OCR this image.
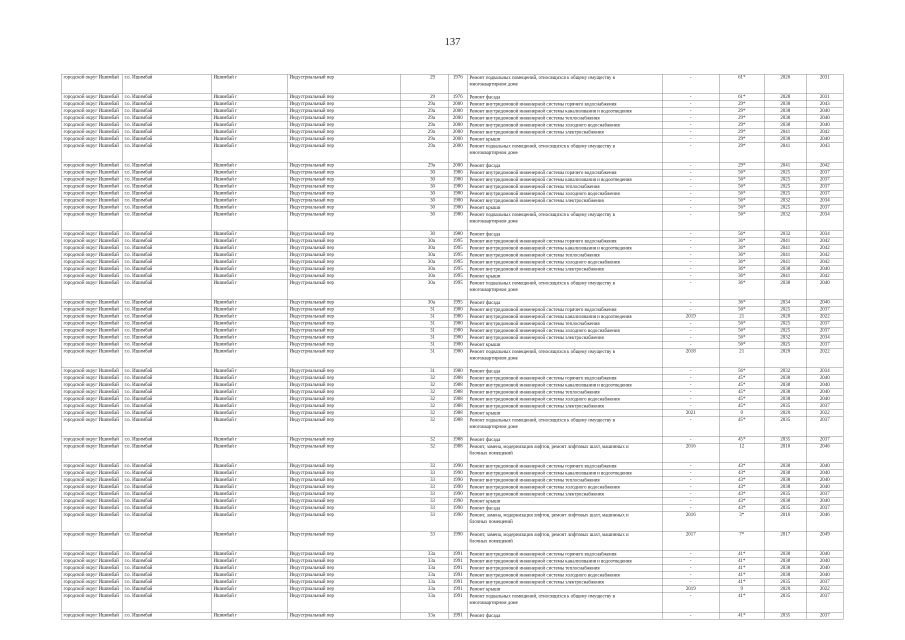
137
городской округ Ишимбай	г.о. Ишимбай	Ишимбай г	Индустриальный пер	29	1976	Ремонт подвальных помещений, относящихся к общему имуществу в многоквартирном доме	-	61*	2026	2031
городской округ Ишимбай	г.о. Ишимбай	Ишимбай г	Индустриальный пер	29	1976	Ремонт фасада	-	61*	2028	2031
городской округ Ишимбай	г.о. Ишимбай	Ишимбай г	Индустриальный пер	29а	2000	Ремонт внутридомовой инженерной системы горячего водоснабжения	-	29*	2038	2043
городской округ Ишимбай	г.о. Ишимбай	Ишимбай г	Индустриальный пер	29а	2000	Ремонт внутридомовой инженерной системы канализования и водоотведения	-	29*	2038	2040
городской округ Ишимбай	г.о. Ишимбай	Ишимбай г	Индустриальный пер	29а	2000	Ремонт внутридомовой инженерной системы теплоснабжения	-	29*	2038	2040
городской округ Ишимбай	г.о. Ишимбай	Ишимбай г	Индустриальный пер	29а	2000	Ремонт внутридомовой инженерной системы холодного водоснабжения	-	29*	2038	2040
городской округ Ишимбай	г.о. Ишимбай	Ишимбай г	Индустриальный пер	29а	2000	Ремонт внутридомовой инженерной системы электроснабжения	-	29*	2041	2042
городской округ Ишимбай	г.о. Ишимбай	Ишимбай г	Индустриальный пер	29а	2000	Ремонт крыши	-	29*	2038	2040
городской округ Ишимбай	г.о. Ишимбай	Ишимбай г	Индустриальный пер	29а	2000	Ремонт подвальных помещений, относящихся к общему имуществу в многоквартирном доме	-	29*	2041	2043
городской округ Ишимбай	г.о. Ишимбай	Ишимбай г	Индустриальный пер	29а	2000	Ремонт фасада	-	29*	2041	2042
городской округ Ишимбай	г.о. Ишимбай	Ишимбай г	Индустриальный пер	30	1980	Ремонт внутридомовой инженерной системы горячего водоснабжения	-	56*	2025	2037
городской округ Ишимбай	г.о. Ишимбай	Ишимбай г	Индустриальный пер	30	1980	Ремонт внутридомовой инженерной системы канализования и водоотведения	-	56*	2025	2037
городской округ Ишимбай	г.о. Ишимбай	Ишимбай г	Индустриальный пер	30	1980	Ремонт внутридомовой инженерной системы теплоснабжения	-	56*	2025	2037
городской округ Ишимбай	г.о. Ишимбай	Ишимбай г	Индустриальный пер	30	1980	Ремонт внутридомовой инженерной системы холодного водоснабжения	-	56*	2025	2037
городской округ Ишимбай	г.о. Ишимбай	Ишимбай г	Индустриальный пер	30	1980	Ремонт внутридомовой инженерной системы электроснабжения	-	56*	2032	2034
городской округ Ишимбай	г.о. Ишимбай	Ишимбай г	Индустриальный пер	30	1980	Ремонт крыши	-	56*	2025	2037
городской округ Ишимбай	г.о. Ишимбай	Ишимбай г	Индустриальный пер	30	1980	Ремонт подвальных помещений, относящихся к общему имуществу в многоквартирном доме	-	56*	2032	2034
городской округ Ишимбай	г.о. Ишимбай	Ишимбай г	Индустриальный пер	30	1980	Ремонт фасада	-	56*	2032	2034
городской округ Ишимбай	г.о. Ишимбай	Ишимбай г	Индустриальный пер	30а	1995	Ремонт внутридомовой инженерной системы горячего водоснабжения	-	36*	2041	2042
городской округ Ишимбай	г.о. Ишимбай	Ишимбай г	Индустриальный пер	30а	1995	Ремонт внутридомовой инженерной системы канализования и водоотведения	-	36*	2041	2042
городской округ Ишимбай	г.о. Ишимбай	Ишимбай г	Индустриальный пер	30а	1995	Ремонт внутридомовой инженерной системы теплоснабжения	-	36*	2041	2042
городской округ Ишимбай	г.о. Ишимбай	Ишимбай г	Индустриальный пер	30а	1995	Ремонт внутридомовой инженерной системы холодного водоснабжения	-	36*	2041	2042
городской округ Ишимбай	г.о. Ишимбай	Ишимбай г	Индустриальный пер	30а	1995	Ремонт внутридомовой инженерной системы электроснабжения	-	36*	2038	2040
городской округ Ишимбай	г.о. Ишимбай	Ишимбай г	Индустриальный пер	30а	1995	Ремонт крыши	-	36*	2041	2042
городской округ Ишимбай	г.о. Ишимбай	Ишимбай г	Индустриальный пер	30а	1995	Ремонт подвальных помещений, относящихся к общему имуществу в многоквартирном доме	-	36*	2038	2040
городской округ Ишимбай	г.о. Ишимбай	Ишимбай г	Индустриальный пер	30а	1995	Ремонт фасада	-	36*	2034	2040
городской округ Ишимбай	г.о. Ишимбай	Ишимбай г	Индустриальный пер	31	1980	Ремонт внутридомовой инженерной системы горячего водоснабжения	-	56*	2025	2037
городской округ Ишимбай	г.о. Ишимбай	Ишимбай г	Индустриальный пер	31	1980	Ремонт внутридомовой инженерной системы канализования и водоотведения	2019	21	2020	2022
городской округ Ишимбай	г.о. Ишимбай	Ишимбай г	Индустриальный пер	31	1980	Ремонт внутридомовой инженерной системы теплоснабжения	-	56*	2025	2037
городской округ Ишимбай	г.о. Ишимбай	Ишимбай г	Индустриальный пер	31	1980	Ремонт внутридомовой инженерной системы холодного водоснабжения	-	56*	2025	2037
городской округ Ишимбай	г.о. Ишимбай	Ишимбай г	Индустриальный пер	31	1980	Ремонт внутридомовой инженерной системы электроснабжения	-	56*	2032	2034
городской округ Ишимбай	г.о. Ишимбай	Ишимбай г	Индустриальный пер	31	1980	Ремонт крыши	-	56*	2025	2037
городской округ Ишимбай	г.о. Ишимбай	Ишимбай г	Индустриальный пер	31	1980	Ремонт подвальных помещений, относящихся к общему имуществу в многоквартирном доме	2018	21	2020	2022
городской округ Ишимбай	г.о. Ишимбай	Ишимбай г	Индустриальный пер	31	1980	Ремонт фасада	-	56*	2032	2034
городской округ Ишимбай	г.о. Ишимбай	Ишимбай г	Индустриальный пер	32	1988	Ремонт внутридомовой инженерной системы горячего водоснабжения	-	45*	2038	2040
городской округ Ишимбай	г.о. Ишимбай	Ишимбай г	Индустриальный пер	32	1988	Ремонт внутридомовой инженерной системы канализования и водоотведения	-	45*	2038	2040
городской округ Ишимбай	г.о. Ишимбай	Ишимбай г	Индустриальный пер	32	1988	Ремонт внутридомовой инженерной системы теплоснабжения	-	45*	2038	2040
городской округ Ишимбай	г.о. Ишимбай	Ишимбай г	Индустриальный пер	32	1988	Ремонт внутридомовой инженерной системы холодного водоснабжения	-	45*	2038	2040
городской округ Ишимбай	г.о. Ишимбай	Ишимбай г	Индустриальный пер	32	1988	Ремонт внутридомовой инженерной системы электроснабжения	-	45*	2035	2037
городской округ Ишимбай	г.о. Ишимбай	Ишимбай г	Индустриальный пер	32	1988	Ремонт крыши	2021	0	2020	2022
городской округ Ишимбай	г.о. Ишимбай	Ишимбай г	Индустриальный пер	32	1988	Ремонт подвальных помещений, относящихся к общему имуществу в многоквартирном доме	-	45*	2035	2037
городской округ Ишимбай	г.о. Ишимбай	Ишимбай г	Индустриальный пер	32	1988	Ремонт фасада	-	45*	2035	2037
городской округ Ишимбай	г.о. Ишимбай	Ишимбай г	Индустриальный пер	32	1988	Ремонт, замена, модернизация лифтов, ремонт лифтовых шахт, машинных и блочных помещений	2016	12	2016	2046
городской округ Ишимбай	г.о. Ишимбай	Ишимбай г	Индустриальный пер	33	1990	Ремонт внутридомовой инженерной системы горячего водоснабжения	-	43*	2038	2040
городской округ Ишимбай	г.о. Ишимбай	Ишимбай г	Индустриальный пер	33	1990	Ремонт внутридомовой инженерной системы канализования и водоотведения	-	43*	2038	2040
городской округ Ишимбай	г.о. Ишимбай	Ишимбай г	Индустриальный пер	33	1990	Ремонт внутридомовой инженерной системы теплоснабжения	-	43*	2038	2040
городской округ Ишимбай	г.о. Ишимбай	Ишимбай г	Индустриальный пер	33	1990	Ремонт внутридомовой инженерной системы холодного водоснабжения	-	43*	2038	2040
городской округ Ишимбай	г.о. Ишимбай	Ишимбай г	Индустриальный пер	33	1990	Ремонт внутридомовой инженерной системы электроснабжения	-	43*	2035	2037
городской округ Ишимбай	г.о. Ишимбай	Ишимбай г	Индустриальный пер	33	1990	Ремонт крыши	-	43*	2038	2040
городской округ Ишимбай	г.о. Ишимбай	Ишимбай г	Индустриальный пер	33	1990	Ремонт фасада	-	43*	2035	2037
городской округ Ишимбай	г.о. Ишимбай	Ишимбай г	Индустриальный пер	33	1990	Ремонт, замена, модернизация лифтов, ремонт лифтовых шахт, машинных и блочных помещений	2016	3*	2016	2046
городской округ Ишимбай	г.о. Ишимбай	Ишимбай г	Индустриальный пер	33	1990	Ремонт, замена, модернизация лифтов, ремонт лифтовых шахт, машинных и блочных помещений	2017	7*	2017	2049
городской округ Ишимбай	г.о. Ишимбай	Ишимбай г	Индустриальный пер	33а	1991	Ремонт внутридомовой инженерной системы горячего водоснабжения	-	41*	2038	2040
городской округ Ишимбай	г.о. Ишимбай	Ишимбай г	Индустриальный пер	33а	1991	Ремонт внутридомовой инженерной системы канализования и водоотведения	-	41*	2038	2040
городской округ Ишимбай	г.о. Ишимбай	Ишимбай г	Индустриальный пер	33а	1991	Ремонт внутридомовой инженерной системы теплоснабжения	-	41*	2038	2040
городской округ Ишимбай	г.о. Ишимбай	Ишимбай г	Индустриальный пер	33а	1991	Ремонт внутридомовой инженерной системы холодного водоснабжения	-	41*	2038	2040
городской округ Ишимбай	г.о. Ишимбай	Ишимбай г	Индустриальный пер	33а	1991	Ремонт внутридомовой инженерной системы электроснабжения	-	41*	2035	2037
городской округ Ишимбай	г.о. Ишимбай	Ишимбай г	Индустриальный пер	33а	1991	Ремонт крыши	2019	9	2020	2022
городской округ Ишимбай	г.о. Ишимбай	Ишимбай г	Индустриальный пер	33а	1991	Ремонт подвальных помещений, относящихся к общему имуществу в многоквартирном доме	-	41*	2035	2037
городской округ Ишимбай	г.о. Ишимбай	Ишимбай г	Индустриальный пер	33а	1991	Ремонт фасада	-	41*	2035	2037
